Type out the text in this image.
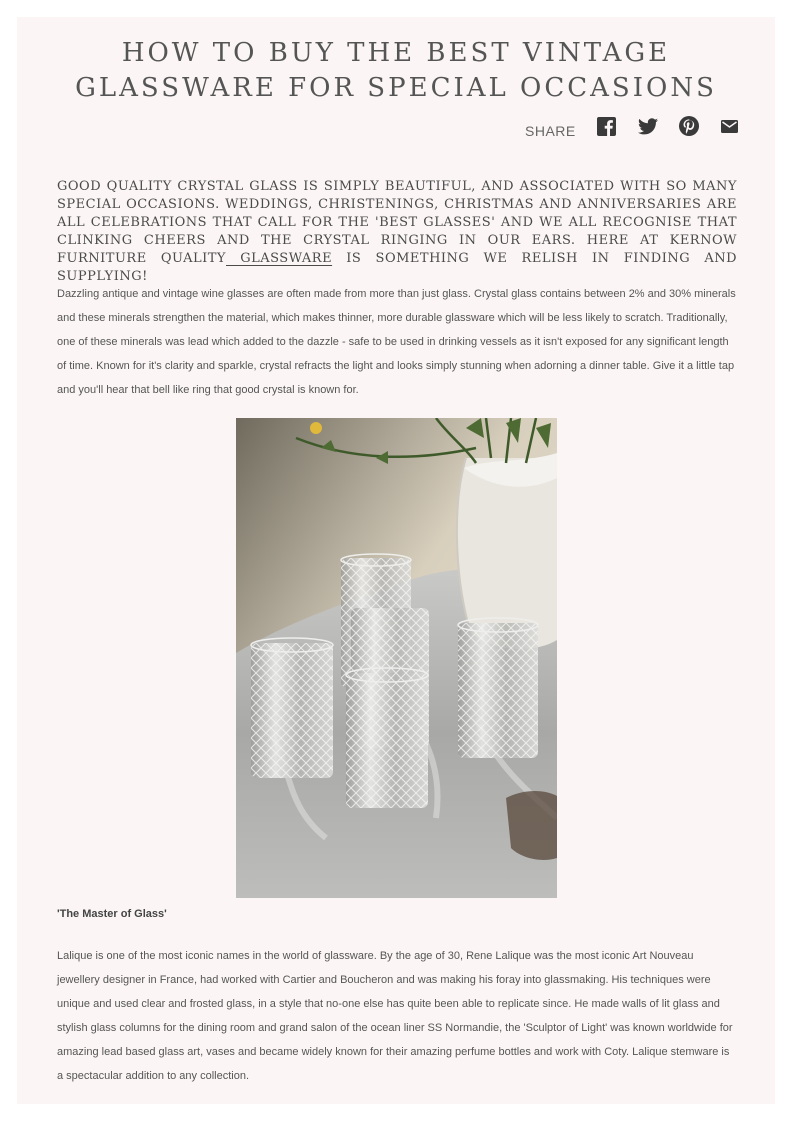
HOW TO BUY THE BEST VINTAGE
GLASSWARE FOR SPECIAL OCCASIONS
SHARE

GOOD QUALITY CRYSTAL GLASS IS SIMPLY BEAUTIFUL, AND ASSOCIATED WITH SO MANY SPECIAL OCCASIONS. WEDDINGS, CHRISTENINGS, CHRISTMAS AND ANNIVERSARIES ARE ALL CELEBRATIONS THAT CALL FOR THE 'BEST GLASSES' AND WE ALL RECOGNISE THAT CLINKING CHEERS AND THE CRYSTAL RINGING IN OUR EARS. HERE AT KERNOW FURNITURE QUALITY GLASSWARE IS SOMETHING WE RELISH IN FINDING AND SUPPLYING!

Dazzling antique and vintage wine glasses are often made from more than just glass. Crystal glass contains between 2% and 30% minerals and these minerals strengthen the material, which makes thinner, more durable glassware which will be less likely to scratch. Traditionally, one of these minerals was lead which added to the dazzle - safe to be used in drinking vessels as it isn't exposed for any significant length of time. Known for it's clarity and sparkle, crystal refracts the light and looks simply stunning when adorning a dinner table. Give it a little tap and you'll hear that bell like ring that good crystal is known for.

'The Master of Glass'

Lalique is one of the most iconic names in the world of glassware. By the age of 30, Rene Lalique was the most iconic Art Nouveau jewellery designer in France, had worked with Cartier and Boucheron and was making his foray into glassmaking. His techniques were unique and used clear and frosted glass, in a style that no-one else has quite been able to replicate since. He made walls of lit glass and stylish glass columns for the dining room and grand salon of the ocean liner SS Normandie, the 'Sculptor of Light' was known worldwide for amazing lead based glass art, vases and became widely known for their amazing perfume bottles and work with Coty. Lalique stemware is a spectacular addition to any collection.
